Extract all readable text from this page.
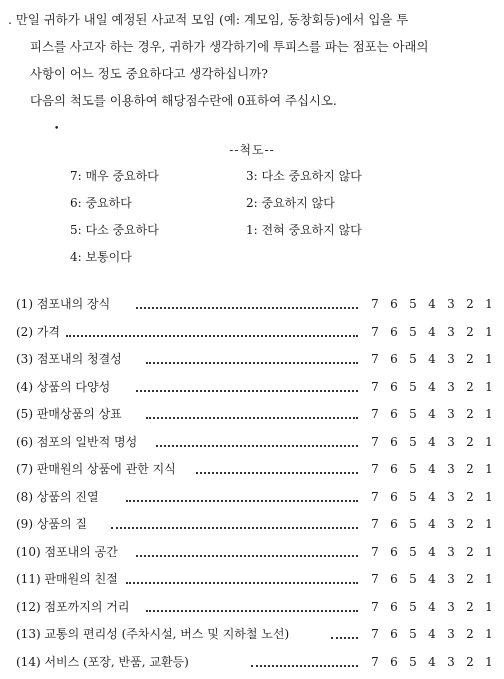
. 만일 귀하가 내일 예정된 사교적 모임 (예: 계모임, 동창회등)에서 입을 투
피스를 사고자 하는 경우, 귀하가 생각하기에 투피스를 파는 점포는 아래의
사항이 어느 정도 중요하다고 생각하십니까?
다음의 척도를 이용하여 해당점수란에 0표하여 주십시오.
•
--척도--
7: 매우 중요하다	3: 다소 중요하지 않다
6: 중요하다	2: 중요하지 않다
5: 다소 중요하다	1: 전혀 중요하지 않다
4: 보통이다
(1) 점포내의 장식	7 6 5 4 3 2 1
(2) 가격	7 6 5 4 3 2 1
(3) 점포내의 청결성	7 6 5 4 3 2 1
(4) 상품의 다양성	7 6 5 4 3 2 1
(5) 판매상품의 상표	7 6 5 4 3 2 1
(6) 점포의 일반적 명성	7 6 5 4 3 2 1
(7) 판매원의 상품에 관한 지식	7 6 5 4 3 2 1
(8) 상품의 진열	7 6 5 4 3 2 1
(9) 상품의 질	7 6 5 4 3 2 1
(10) 점포내의 공간	7 6 5 4 3 2 1
(11) 판매원의 친절	7 6 5 4 3 2 1
(12) 점포까지의 거리	7 6 5 4 3 2 1
(13) 교통의 편리성 (주차시설, 버스 및 지하철 노선)	7 6 5 4 3 2 1
(14) 서비스 (포장, 반품, 교환등)	7 6 5 4 3 2 1
